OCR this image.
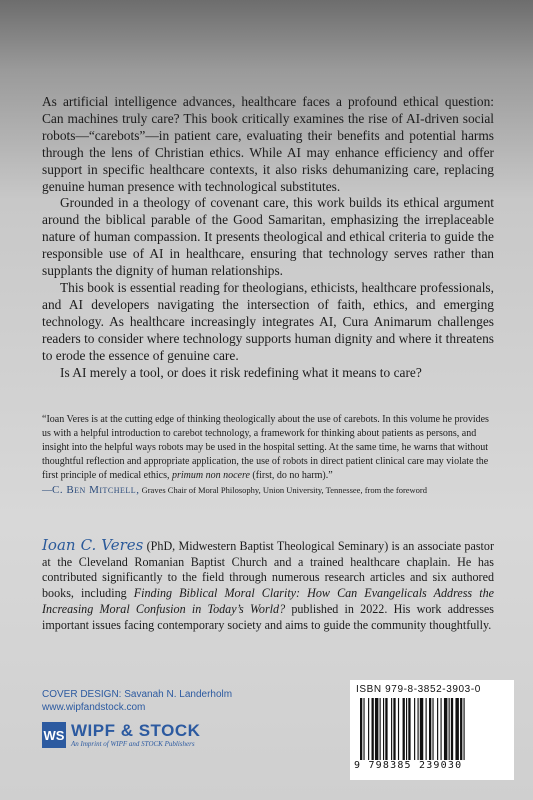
As artificial intelligence advances, healthcare faces a profound ethical question: Can machines truly care? This book critically examines the rise of AI-driven social robots—“carebots”—in patient care, evaluating their benefits and potential harms through the lens of Christian ethics. While AI may enhance efficiency and offer support in specific healthcare contexts, it also risks dehumanizing care, replacing genuine human presence with technological substitutes.

Grounded in a theology of covenant care, this work builds its ethical argument around the biblical parable of the Good Samaritan, emphasizing the irreplaceable nature of human compassion. It presents theological and ethical criteria to guide the responsible use of AI in healthcare, ensuring that technology serves rather than supplants the dignity of human relationships.

This book is essential reading for theologians, ethicists, healthcare professionals, and AI developers navigating the intersection of faith, ethics, and emerging technology. As healthcare increasingly integrates AI, Cura Animarum challenges readers to consider where technology supports human dignity and where it threatens to erode the essence of genuine care.

Is AI merely a tool, or does it risk redefining what it means to care?

“Ioan Veres is at the cutting edge of thinking theologically about the use of carebots. In this volume he provides us with a helpful introduction to carebot technology, a framework for thinking about patients as persons, and insight into the helpful ways robots may be used in the hospital setting. At the same time, he warns that without thoughtful reflection and appropriate application, the use of robots in direct patient clinical care may violate the first principle of medical ethics, primum non nocere (first, do no harm).”

—C. Ben Mitchell, Graves Chair of Moral Philosophy, Union University, Tennessee, from the foreword

Ioan C. Veres (PhD, Midwestern Baptist Theological Seminary) is an associate pastor at the Cleveland Romanian Baptist Church and a trained healthcare chaplain. He has contributed significantly to the field through numerous research articles and six authored books, including Finding Biblical Moral Clarity: How Can Evangelicals Address the Increasing Moral Confusion in Today’s World? published in 2022. His work addresses important issues facing contemporary society and aims to guide the community thoughtfully.
COVER DESIGN: Savanah N. Landerholm
www.wipfandstock.com
WS WIPF & STOCK
An Imprint of WIPF and STOCK Publishers
ISBN 979-8-3852-3903-0
9 798385 239030
